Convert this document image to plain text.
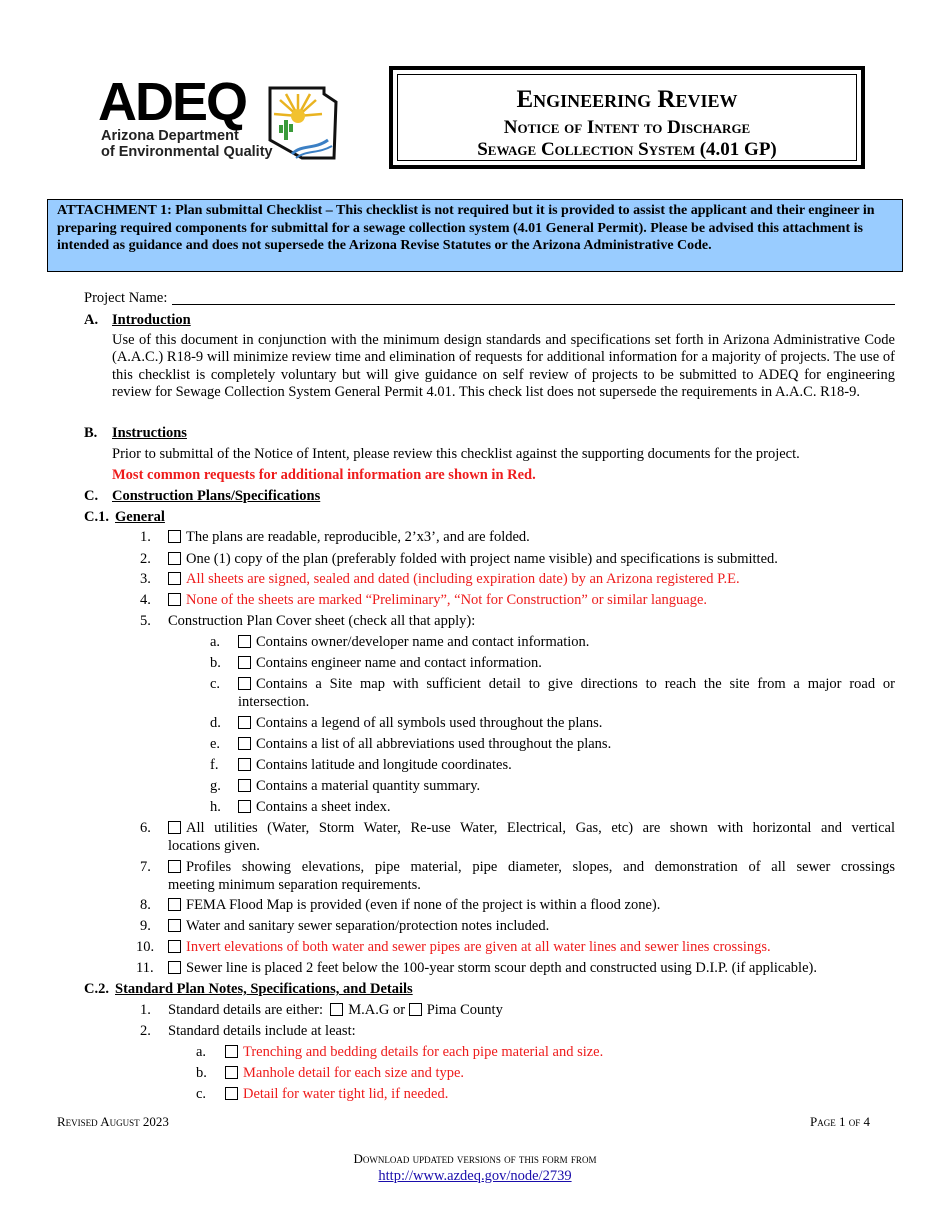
ADEQ
Arizona Department
of Environmental Quality
Engineering Review
Notice of Intent to Discharge
Sewage Collection System (4.01 GP)
ATTACHMENT 1: Plan submittal Checklist – This checklist is not required but it is provided to assist the applicant and their engineer in preparing required components for submittal for a sewage collection system (4.01 General Permit). Please be advised this attachment is intended as guidance and does not supersede the Arizona Revise Statutes or the Arizona Administrative Code.
Project Name:
A. Introduction
Use of this document in conjunction with the minimum design standards and specifications set forth in Arizona Administrative Code (A.A.C.) R18-9 will minimize review time and elimination of requests for additional information for a majority of projects. The use of this checklist is completely voluntary but will give guidance on self review of projects to be submitted to ADEQ for engineering review for Sewage Collection System General Permit 4.01. This check list does not supersede the requirements in A.A.C. R18-9.
B. Instructions
Prior to submittal of the Notice of Intent, please review this checklist against the supporting documents for the project.
Most common requests for additional information are shown in Red.
C. Construction Plans/Specifications
C.1. General
1.	The plans are readable, reproducible, 2’x3’, and are folded.
2.	One (1) copy of the plan (preferably folded with project name visible) and specifications is submitted.
3.	All sheets are signed, sealed and dated (including expiration date) by an Arizona registered P.E.
4.	None of the sheets are marked “Preliminary”, “Not for Construction” or similar language.
5. Construction Plan Cover sheet (check all that apply):
a.	Contains owner/developer name and contact information.
b.	Contains engineer name and contact information.
c.	Contains a Site map with sufficient detail to give directions to reach the site from a major road or
intersection.
d.	Contains a legend of all symbols used throughout the plans.
e.	Contains a list of all abbreviations used throughout the plans.
f.	Contains latitude and longitude coordinates.
g.	Contains a material quantity summary.
h.	Contains a sheet index.
6.	All utilities (Water, Storm Water, Re-use Water, Electrical, Gas, etc) are shown with horizontal and vertical
locations given.
7.	Profiles showing elevations, pipe material, pipe diameter, slopes, and demonstration of all sewer crossings
meeting minimum separation requirements.
8.	FEMA Flood Map is provided (even if none of the project is within a flood zone).
9.	Water and sanitary sewer separation/protection notes included.
10.	Invert elevations of both water and sewer pipes are given at all water lines and sewer lines crossings.
11.	Sewer line is placed 2 feet below the 100-year storm scour depth and constructed using D.I.P. (if applicable).
C.2. Standard Plan Notes, Specifications, and Details
1. Standard details are either: M.A.G or Pima County
2. Standard details include at least:
a.	Trenching and bedding details for each pipe material and size.
b.	Manhole detail for each size and type.
c.	Detail for water tight lid, if needed.
Revised August 2023	Page 1 of 4
Download updated versions of this form from
http://www.azdeq.gov/node/2739
